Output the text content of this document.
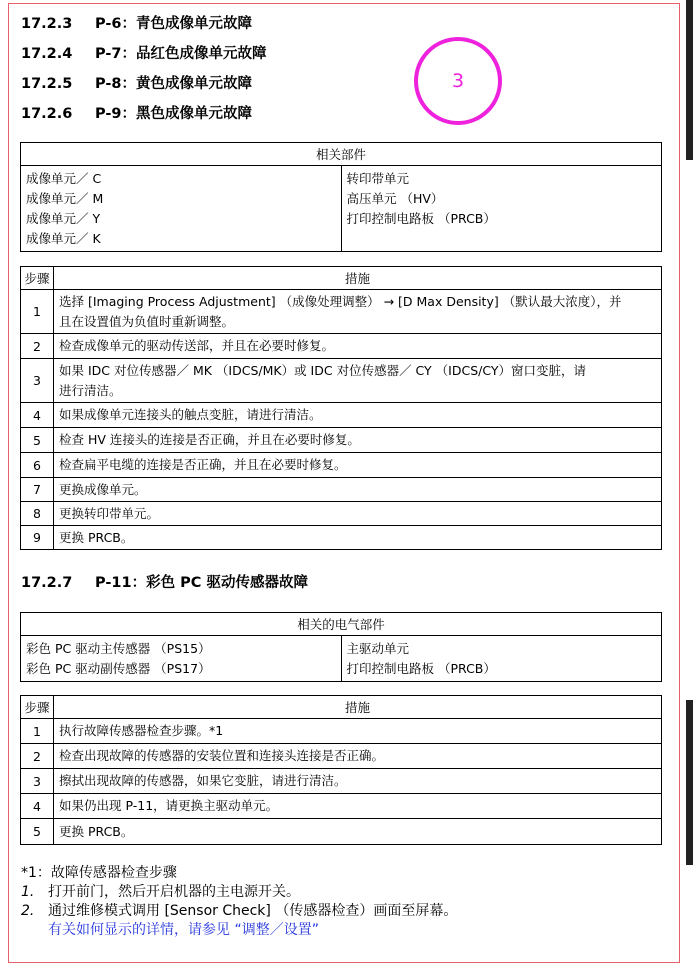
17.2.3 P-6：青色成像单元故障
17.2.4 P-7：品红色成像单元故障
17.2.5 P-8：黄色成像单元故障
17.2.6 P-9：黑色成像单元故障
3
相关部件

成像单元／ C
成像单元／ M
成像单元／ Y
成像单元／ K

转印带单元
高压单元 （HV）
打印控制电路板 （PRCB）
步骤	措施
1	选择 [Imaging Process Adjustment] （成像处理调整） → [D Max Density] （默认最大浓度），并
且在设置值为负值时重新调整。

2	检查成像单元的驱动传送部，并且在必要时修复。
3	如果 IDC 对位传感器／ MK （IDCS/MK）或 IDC 对位传感器／ CY （IDCS/CY）窗口变脏，请
进行清洁。

4	如果成像单元连接头的触点变脏，请进行清洁。
5	检查 HV 连接头的连接是否正确，并且在必要时修复。
6	检查扁平电缆的连接是否正确，并且在必要时修复。
7	更换成像单元。
8	更换转印带单元。
9	更换 PRCB。
17.2.7 P-11：彩色 PC 驱动传感器故障
相关的电气部件

彩色 PC 驱动主传感器 （PS15）
彩色 PC 驱动副传感器 （PS17）

主驱动单元
打印控制电路板 （PRCB）
步骤	措施
1	执行故障传感器检查步骤。*1
2	检查出现故障的传感器的安装位置和连接头连接是否正确。
3	擦拭出现故障的传感器，如果它变脏，请进行清洁。
4	如果仍出现 P-11，请更换主驱动单元。
5	更换 PRCB。
*1：故障传感器检查步骤
1. 打开前门，然后开启机器的主电源开关。
2. 通过维修模式调用 [Sensor Check] （传感器检查）画面至屏幕。
有关如何显示的详情，请参见 “调整／设置”
